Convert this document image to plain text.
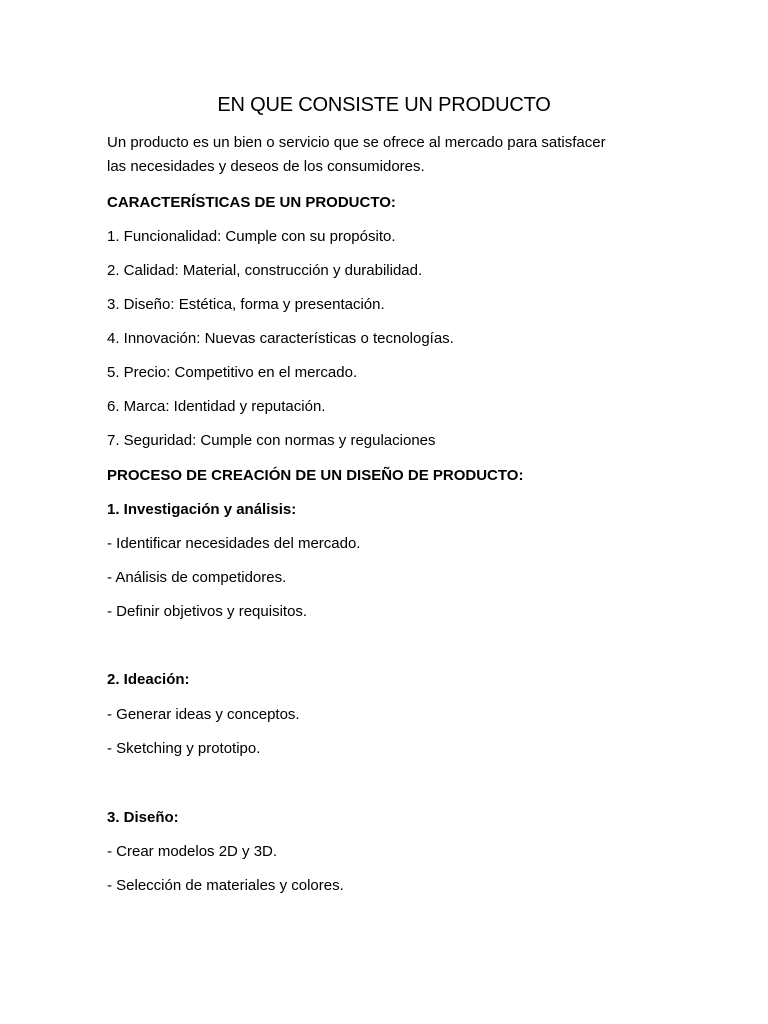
EN QUE CONSISTE UN PRODUCTO
Un producto es un bien o servicio que se ofrece al mercado para satisfacer
las necesidades y deseos de los consumidores.
CARACTERÍSTICAS DE UN PRODUCTO:
1. Funcionalidad: Cumple con su propósito.
2. Calidad: Material, construcción y durabilidad.
3. Diseño: Estética, forma y presentación.
4. Innovación: Nuevas características o tecnologías.
5. Precio: Competitivo en el mercado.
6. Marca: Identidad y reputación.
7. Seguridad: Cumple con normas y regulaciones
PROCESO DE CREACIÓN DE UN DISEÑO DE PRODUCTO:
1. Investigación y análisis:
- Identificar necesidades del mercado.
- Análisis de competidores.
- Definir objetivos y requisitos.
2. Ideación:
- Generar ideas y conceptos.
- Sketching y prototipo.
3. Diseño:
- Crear modelos 2D y 3D.
- Selección de materiales y colores.
